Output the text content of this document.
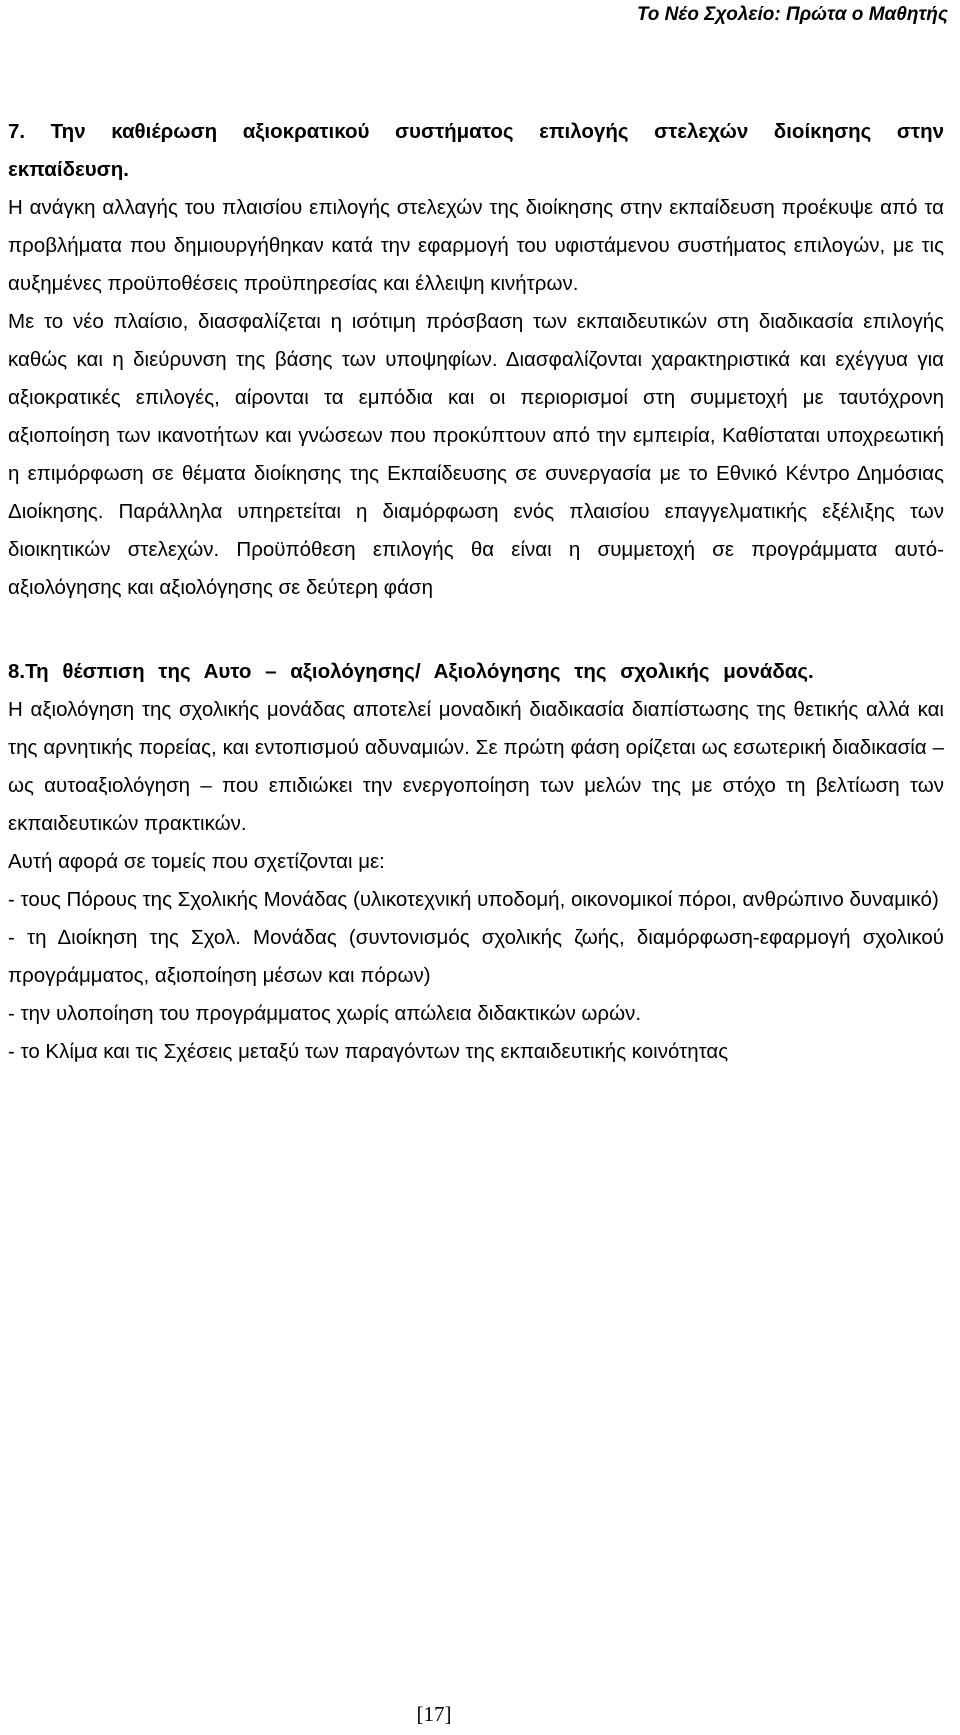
Το Νέο Σχολείο: Πρώτα ο Μαθητής

7. Την καθιέρωση αξιοκρατικού συστήματος επιλογής στελεχών διοίκησης στην εκπαίδευση.

Η ανάγκη αλλαγής του πλαισίου επιλογής στελεχών της διοίκησης στην εκπαίδευση προέκυψε από τα προβλήματα που δημιουργήθηκαν κατά την εφαρμογή του υφιστάμενου συστήματος επιλογών, με τις αυξημένες προϋποθέσεις προϋπηρεσίας και έλλειψη κινήτρων.

Με το νέο πλαίσιο, διασφαλίζεται η ισότιμη πρόσβαση των εκπαιδευτικών στη διαδικασία επιλογής καθώς και η διεύρυνση της βάσης των υποψηφίων. Διασφαλίζονται χαρακτηριστικά και εχέγγυα για αξιοκρατικές επιλογές, αίρονται τα εμπόδια και οι περιορισμοί στη συμμετοχή με ταυτόχρονη αξιοποίηση των ικανοτήτων και γνώσεων που προκύπτουν από την εμπειρία, Καθίσταται υποχρεωτική η επιμόρφωση σε θέματα διοίκησης της Εκπαίδευσης σε συνεργασία με το Εθνικό Κέντρο Δημόσιας Διοίκησης. Παράλληλα υπηρετείται η διαμόρφωση ενός πλαισίου επαγγελματικής εξέλιξης των διοικητικών στελεχών. Προϋπόθεση επιλογής θα είναι η συμμετοχή σε προγράμματα αυτό- αξιολόγησης και αξιολόγησης σε δεύτερη φάση

8.Τη θέσπιση της Αυτο – αξιολόγησης/ Αξιολόγησης της σχολικής μονάδας.

Η αξιολόγηση της σχολικής μονάδας αποτελεί μοναδική διαδικασία διαπίστωσης της θετικής αλλά και της αρνητικής πορείας, και εντοπισμού αδυναμιών. Σε πρώτη φάση ορίζεται ως εσωτερική διαδικασία – ως αυτοαξιολόγηση – που επιδιώκει την ενεργοποίηση των μελών της με στόχο τη βελτίωση των εκπαιδευτικών πρακτικών.

Αυτή αφορά σε τομείς που σχετίζονται με:

- τους Πόρους της Σχολικής Μονάδας (υλικοτεχνική υποδομή, οικονομικοί πόροι, ανθρώπινο δυναμικό)

- τη Διοίκηση της Σχολ. Μονάδας (συντονισμός σχολικής ζωής, διαμόρφωση-εφαρμογή σχολικού προγράμματος, αξιοποίηση μέσων και πόρων)

- την υλοποίηση του προγράμματος χωρίς απώλεια διδακτικών ωρών.

- το Κλίμα και τις Σχέσεις μεταξύ των παραγόντων της εκπαιδευτικής κοινότητας

[17]
